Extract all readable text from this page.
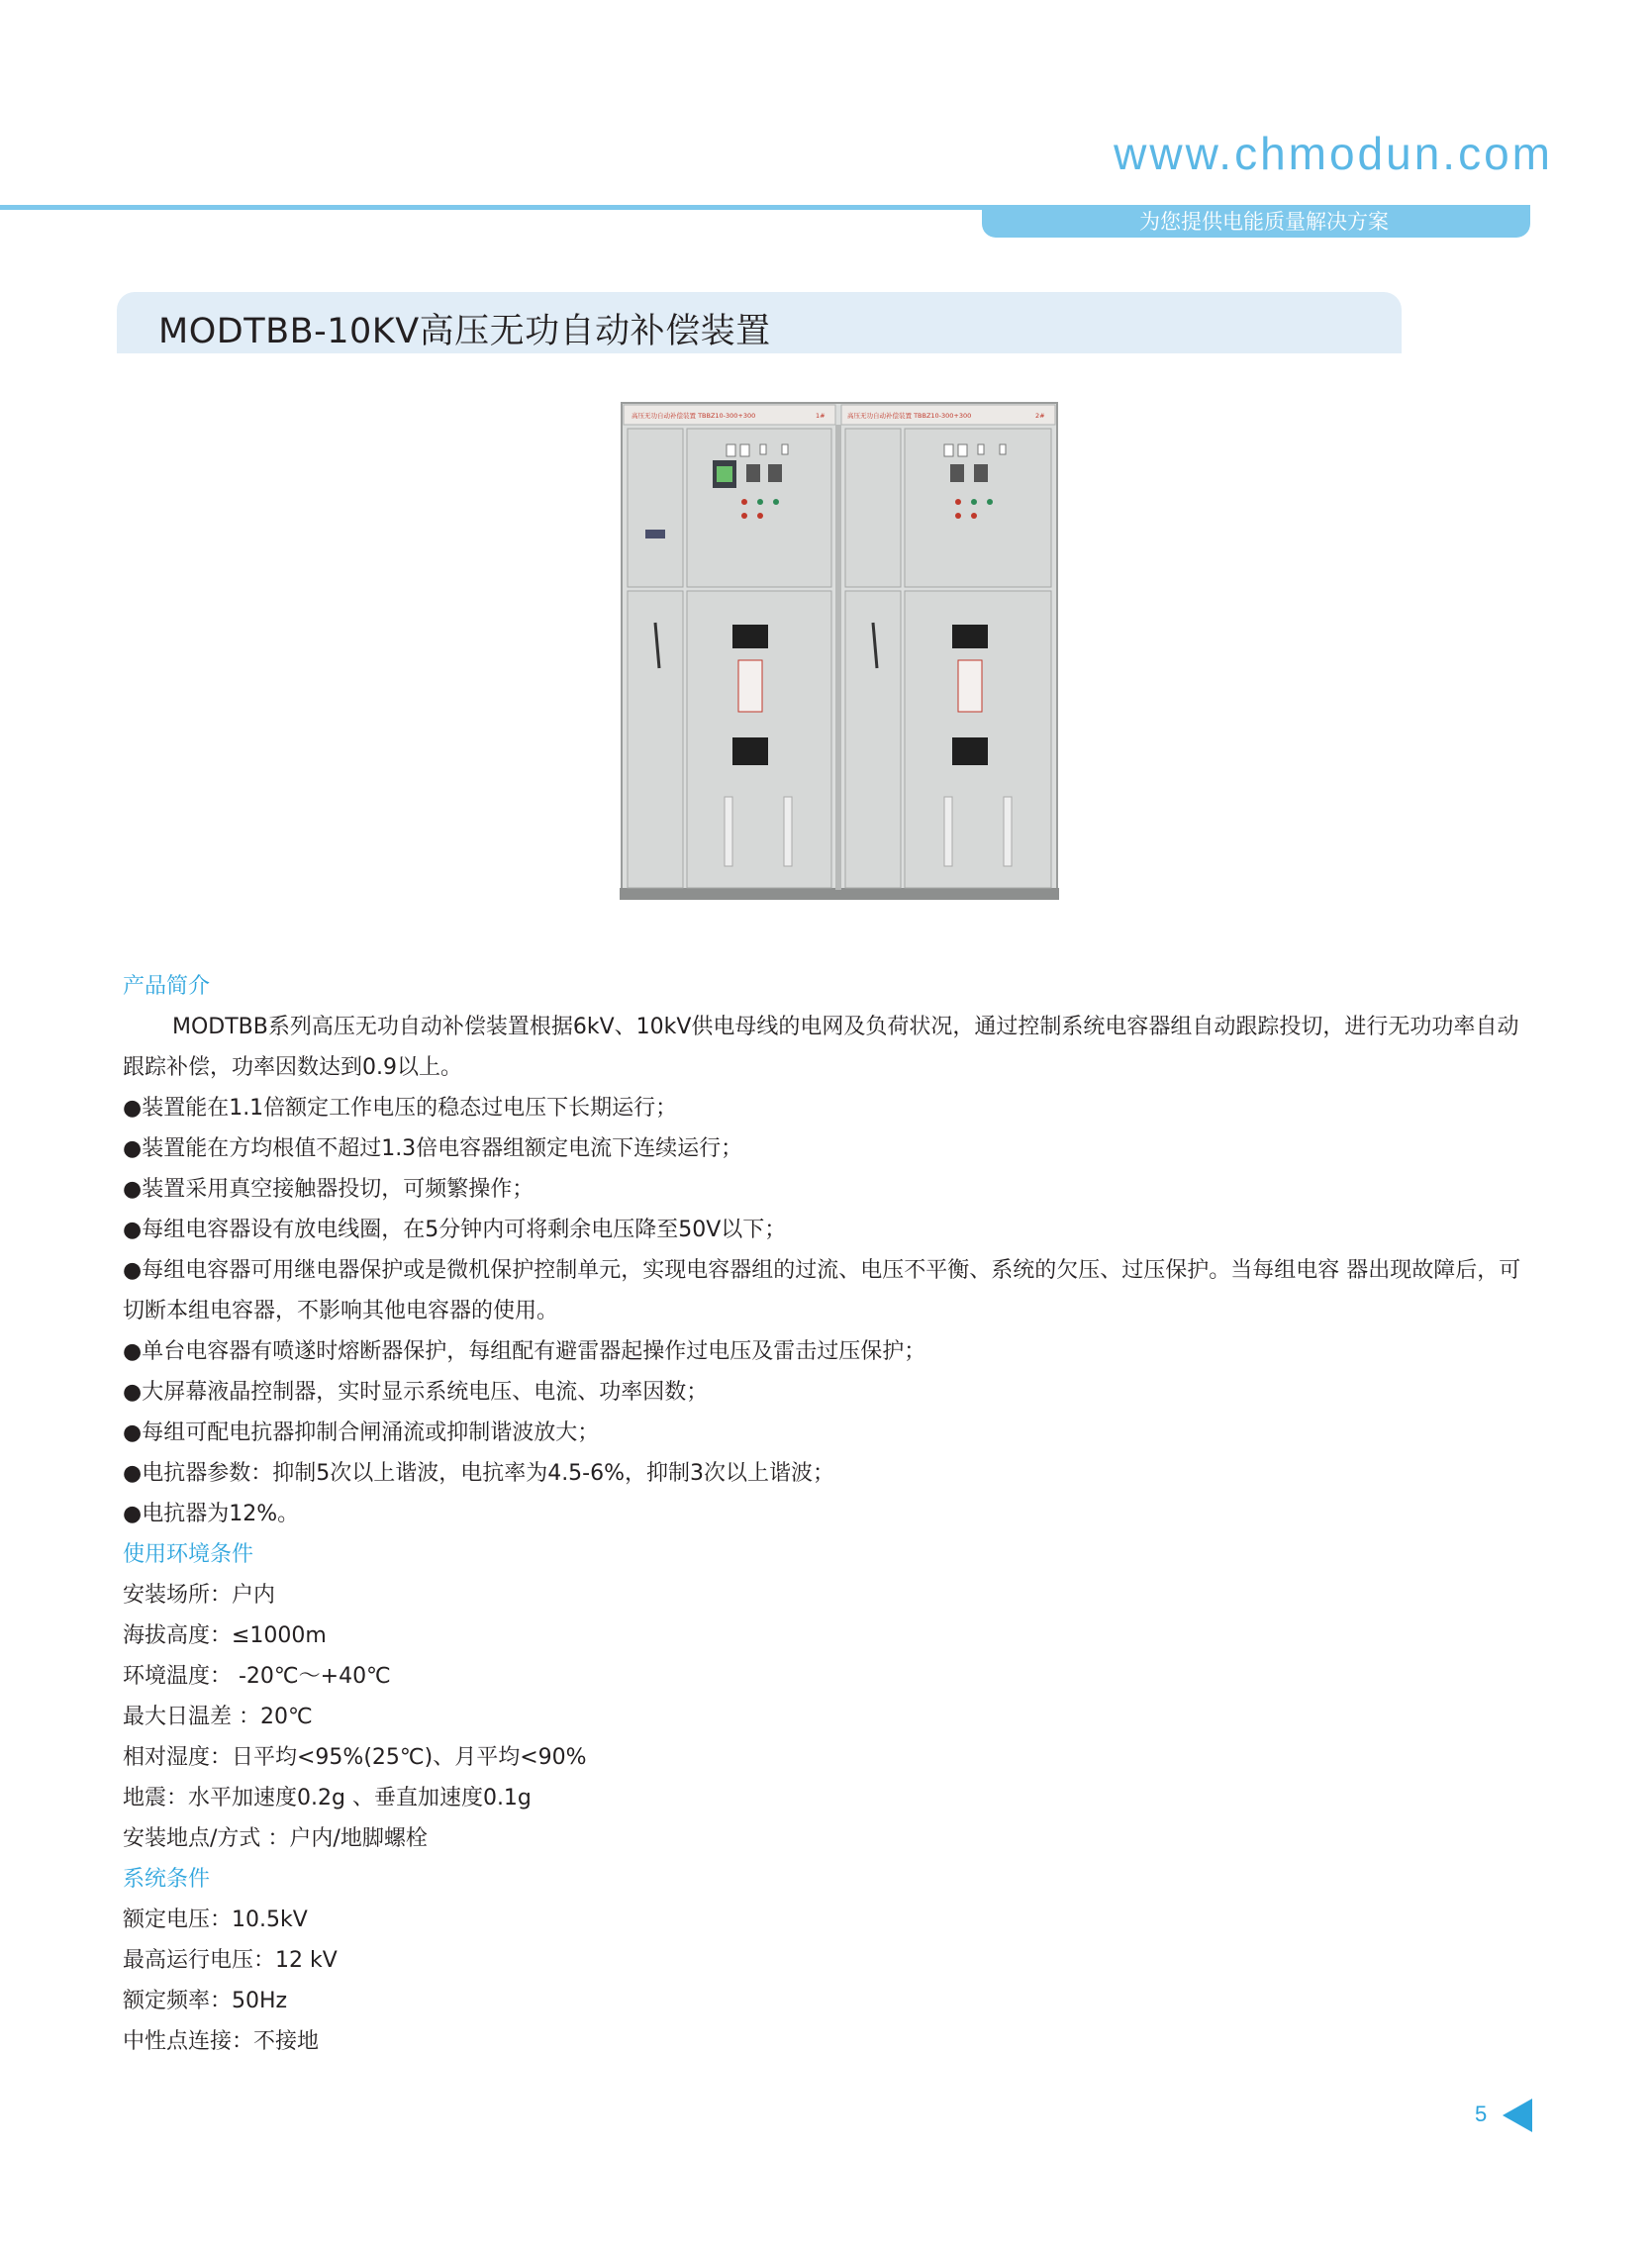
www.chmodun.com
为您提供电能质量解决方案
MODTBB-10KV高压无功自动补偿装置
高压无功自动补偿装置 TBBZ10-300+300	1#	高压无功自动补偿装置 TBBZ10-300+300	2#

产品简介

MODTBB系列高压无功自动补偿装置根据6kV、10kV供电母线的电网及负荷状况，通过控制系统电容器组自动跟踪投切，进行无功功率自动跟踪补偿，功率因数达到0.9以上。

●装置能在1.1倍额定工作电压的稳态过电压下长期运行；

●装置能在方均根值不超过1.3倍电容器组额定电流下连续运行；

●装置采用真空接触器投切，可频繁操作；

●每组电容器设有放电线圈，在5分钟内可将剩余电压降至50V以下；

●每组电容器可用继电器保护或是微机保护控制单元，实现电容器组的过流、电压不平衡、系统的欠压、过压保护。当每组电容 器出现故障后，可切断本组电容器，不影响其他电容器的使用。

●单台电容器有喷遂时熔断器保护，每组配有避雷器起操作过电压及雷击过压保护；

●大屏幕液晶控制器，实时显示系统电压、电流、功率因数；

●每组可配电抗器抑制合闸涌流或抑制谐波放大；

●电抗器参数：抑制5次以上谐波，电抗率为4.5-6%，抑制3次以上谐波；

●电抗器为12%。

使用环境条件

安装场所：户内

海拔高度：≤1000m

环境温度： -20℃～+40℃

最大日温差 ：20℃

相对湿度：日平均<95%(25℃)、月平均<90%

地震：水平加速度0.2g 、垂直加速度0.1g

安装地点/方式 ：户内/地脚螺栓

系统条件

额定电压：10.5kV

最高运行电压：12 kV

额定频率：50Hz

中性点连接：不接地

5
